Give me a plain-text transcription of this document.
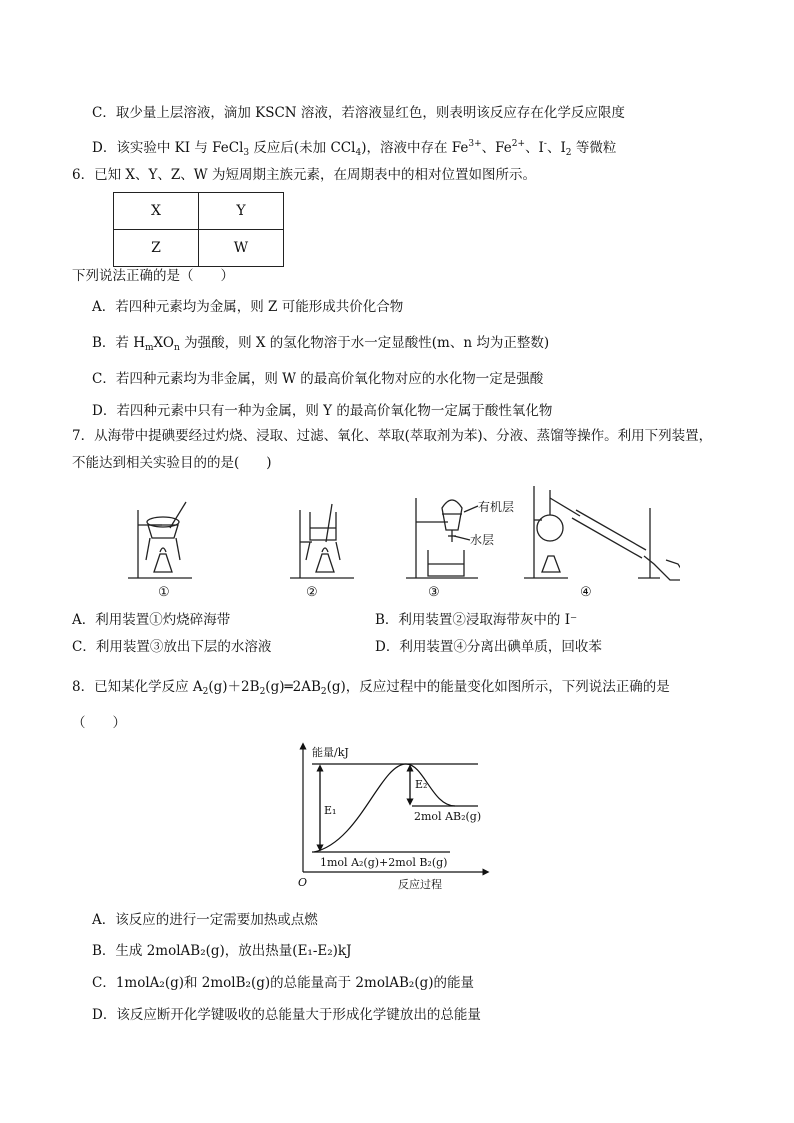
C．取少量上层溶液，滴加 KSCN 溶液，若溶液显红色，则表明该反应存在化学反应限度
D．该实验中 KI 与 FeCl$_3$ 反应后(未加 CCl$_4$)，溶液中存在 $Fe^{3+}$、$Fe^{2+}$、I-、$I_2$ 等微粒
6．已知 X、Y、Z、W 为短周期主族元素，在周期表中的相对位置如图所示。
X	Y
Z	W
下列说法正确的是（　　）
A．若四种元素均为金属，则 Z 可能形成共价化合物
B．若 $H_mXO_n$ 为强酸，则 X 的氢化物溶于水一定显酸性(m、n 均为正整数)
C．若四种元素均为非金属，则 W 的最高价氧化物对应的水化物一定是强酸
D．若四种元素中只有一种为金属，则 Y 的最高价氧化物一定属于酸性氧化物
7．从海带中提碘要经过灼烧、浸取、过滤、氧化、萃取(萃取剂为苯)、分液、蒸馏等操作。利用下列装置，
不能达到相关实验目的的是(　　)
有机层
水层
①	②	③	④
A．利用装置①灼烧碎海带	B．利用装置②浸取海带灰中的 I⁻
C．利用装置③放出下层的水溶液	D．利用装置④分离出碘单质，回收苯
8．已知某化学反应 $A_2(g)+2B_2(g)═2AB_2(g)$，反应过程中的能量变化如图所示，下列说法正确的是
（　　）
能量/kJ
E₁
E₂
2mol AB₂(g)
1mol A₂(g)+2mol B₂(g)
O	反应过程
A．该反应的进行一定需要加热或点燃
B．生成 2molAB₂(g)，放出热量(E₁-E₂)kJ
C．1molA₂(g)和 2molB₂(g)的总能量高于 2molAB₂(g)的能量
D．该反应断开化学键吸收的总能量大于形成化学键放出的总能量
